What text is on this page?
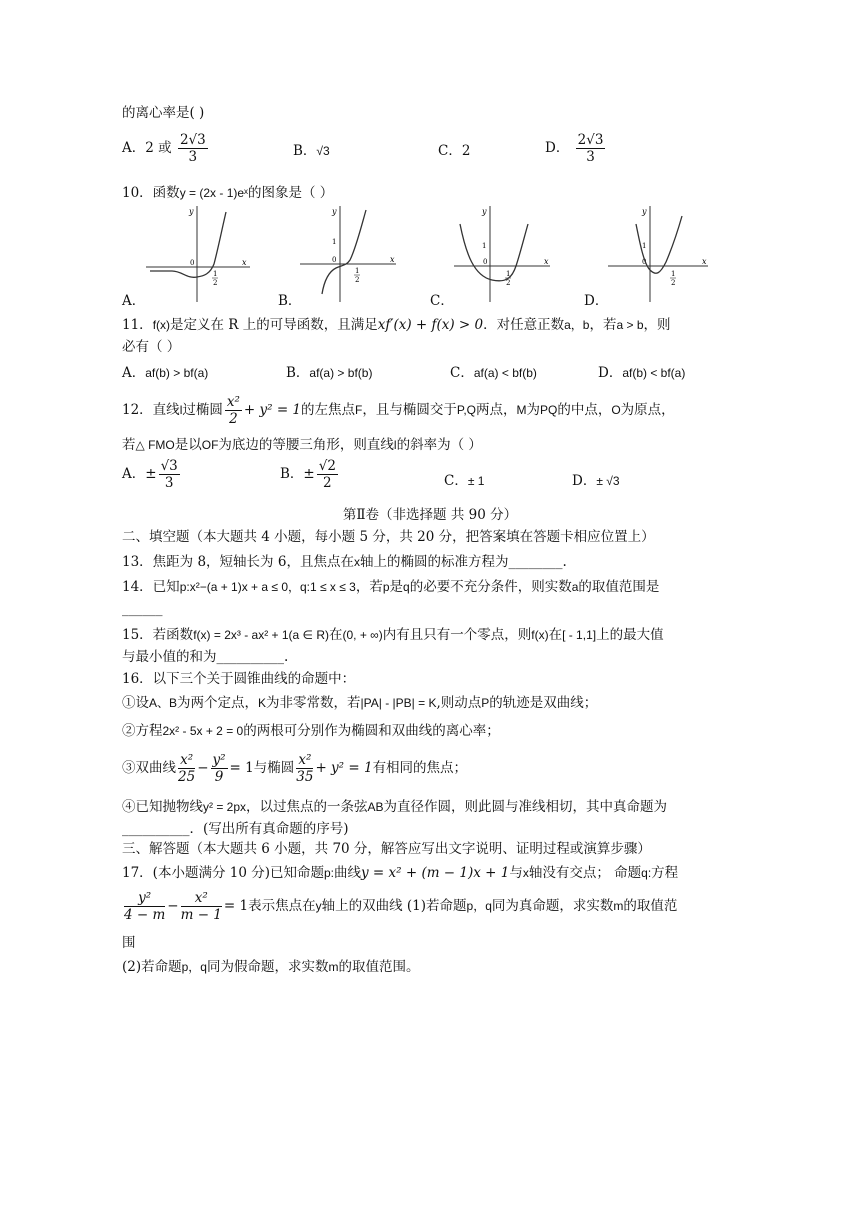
的离心率是( )
A．2 或 $\frac{2√3}{3}$	B．√3	C．2	D． $\frac{2√3}{3}$
10．函数y = (2x - 1)eˣ的图象是（ ）
y
x
0
1
2
y
x
0
1
1
2
y
x
0
1
1
2
y
x
0
1
1
2
A．	B．	C．	D．
11．f(x)是定义在 R 上的可导函数，且满足xf′(x) + f(x) > 0．对任意正数a，b，若a > b，则
必有（ ）
A．af(b) > bf(a)	B．af(a) > bf(b)	C．af(a) < bf(b)	D．af(b) < bf(a)
12．直线l过椭圆 $\frac{\text{x²}}{2} + y^2 = 1$的左焦点F，且与椭圆交于P,Q两点，M为PQ的中点，O为原点，
若△ FMO是以OF为底边的等腰三角形，则直线l的斜率为（ ）
A．± $\frac{√3}{3}$	B．± $\frac{√2}{2}$	C．± 1	D．± √3
第Ⅱ卷（非选择题 共 90 分）
二、填空题（本大题共 4 小题，每小题 5 分，共 20 分，把答案填在答题卡相应位置上）
13．焦距为 8，短轴长为 6，且焦点在x轴上的椭圆的标准方程为________.
14．已知p:x²−(a + 1)x + a ≤ 0，q:1 ≤ x ≤ 3，若p是q的必要不充分条件，则实数a的取值范围是
______
15．若函数f(x) = 2x³ - ax² + 1(a ∈ R)在(0, + ∞)内有且只有一个零点，则f(x)在[ - 1,1]上的最大值
与最小值的和为__________.
16．以下三个关于圆锥曲线的命题中：
①设A、B为两个定点，K为非零常数，若|PA| - |PB| = K,则动点P的轨迹是双曲线；
②方程2x² - 5x + 2 = 0的两根可分别作为椭圆和双曲线的离心率；
③双曲线 $\frac{\text{x²}}{25} - \frac{\text{y²}}{9} = 1$与椭圆 $\frac{\text{x²}}{35} + y^2 = 1$有相同的焦点；
④已知抛物线y² = 2px，以过焦点的一条弦AB为直径作圆，则此圆与准线相切，其中真命题为
__________．(写出所有真命题的序号)
三、解答题（本大题共 6 小题，共 70 分，解答应写出文字说明、证明过程或演算步骤）
17．(本小题满分 10 分)已知命题p:曲线y = x² + (m − 1)x + 1与x轴没有交点； 命题q:方程
$\frac{\text{y²}}{4 - m} - \frac{\text{x²}}{m - 1} = 1$表示焦点在y轴上的双曲线 (1)若命题p，q同为真命题，求实数m的取值范
围
(2)若命题p，q同为假命题，求实数m的取值范围。
